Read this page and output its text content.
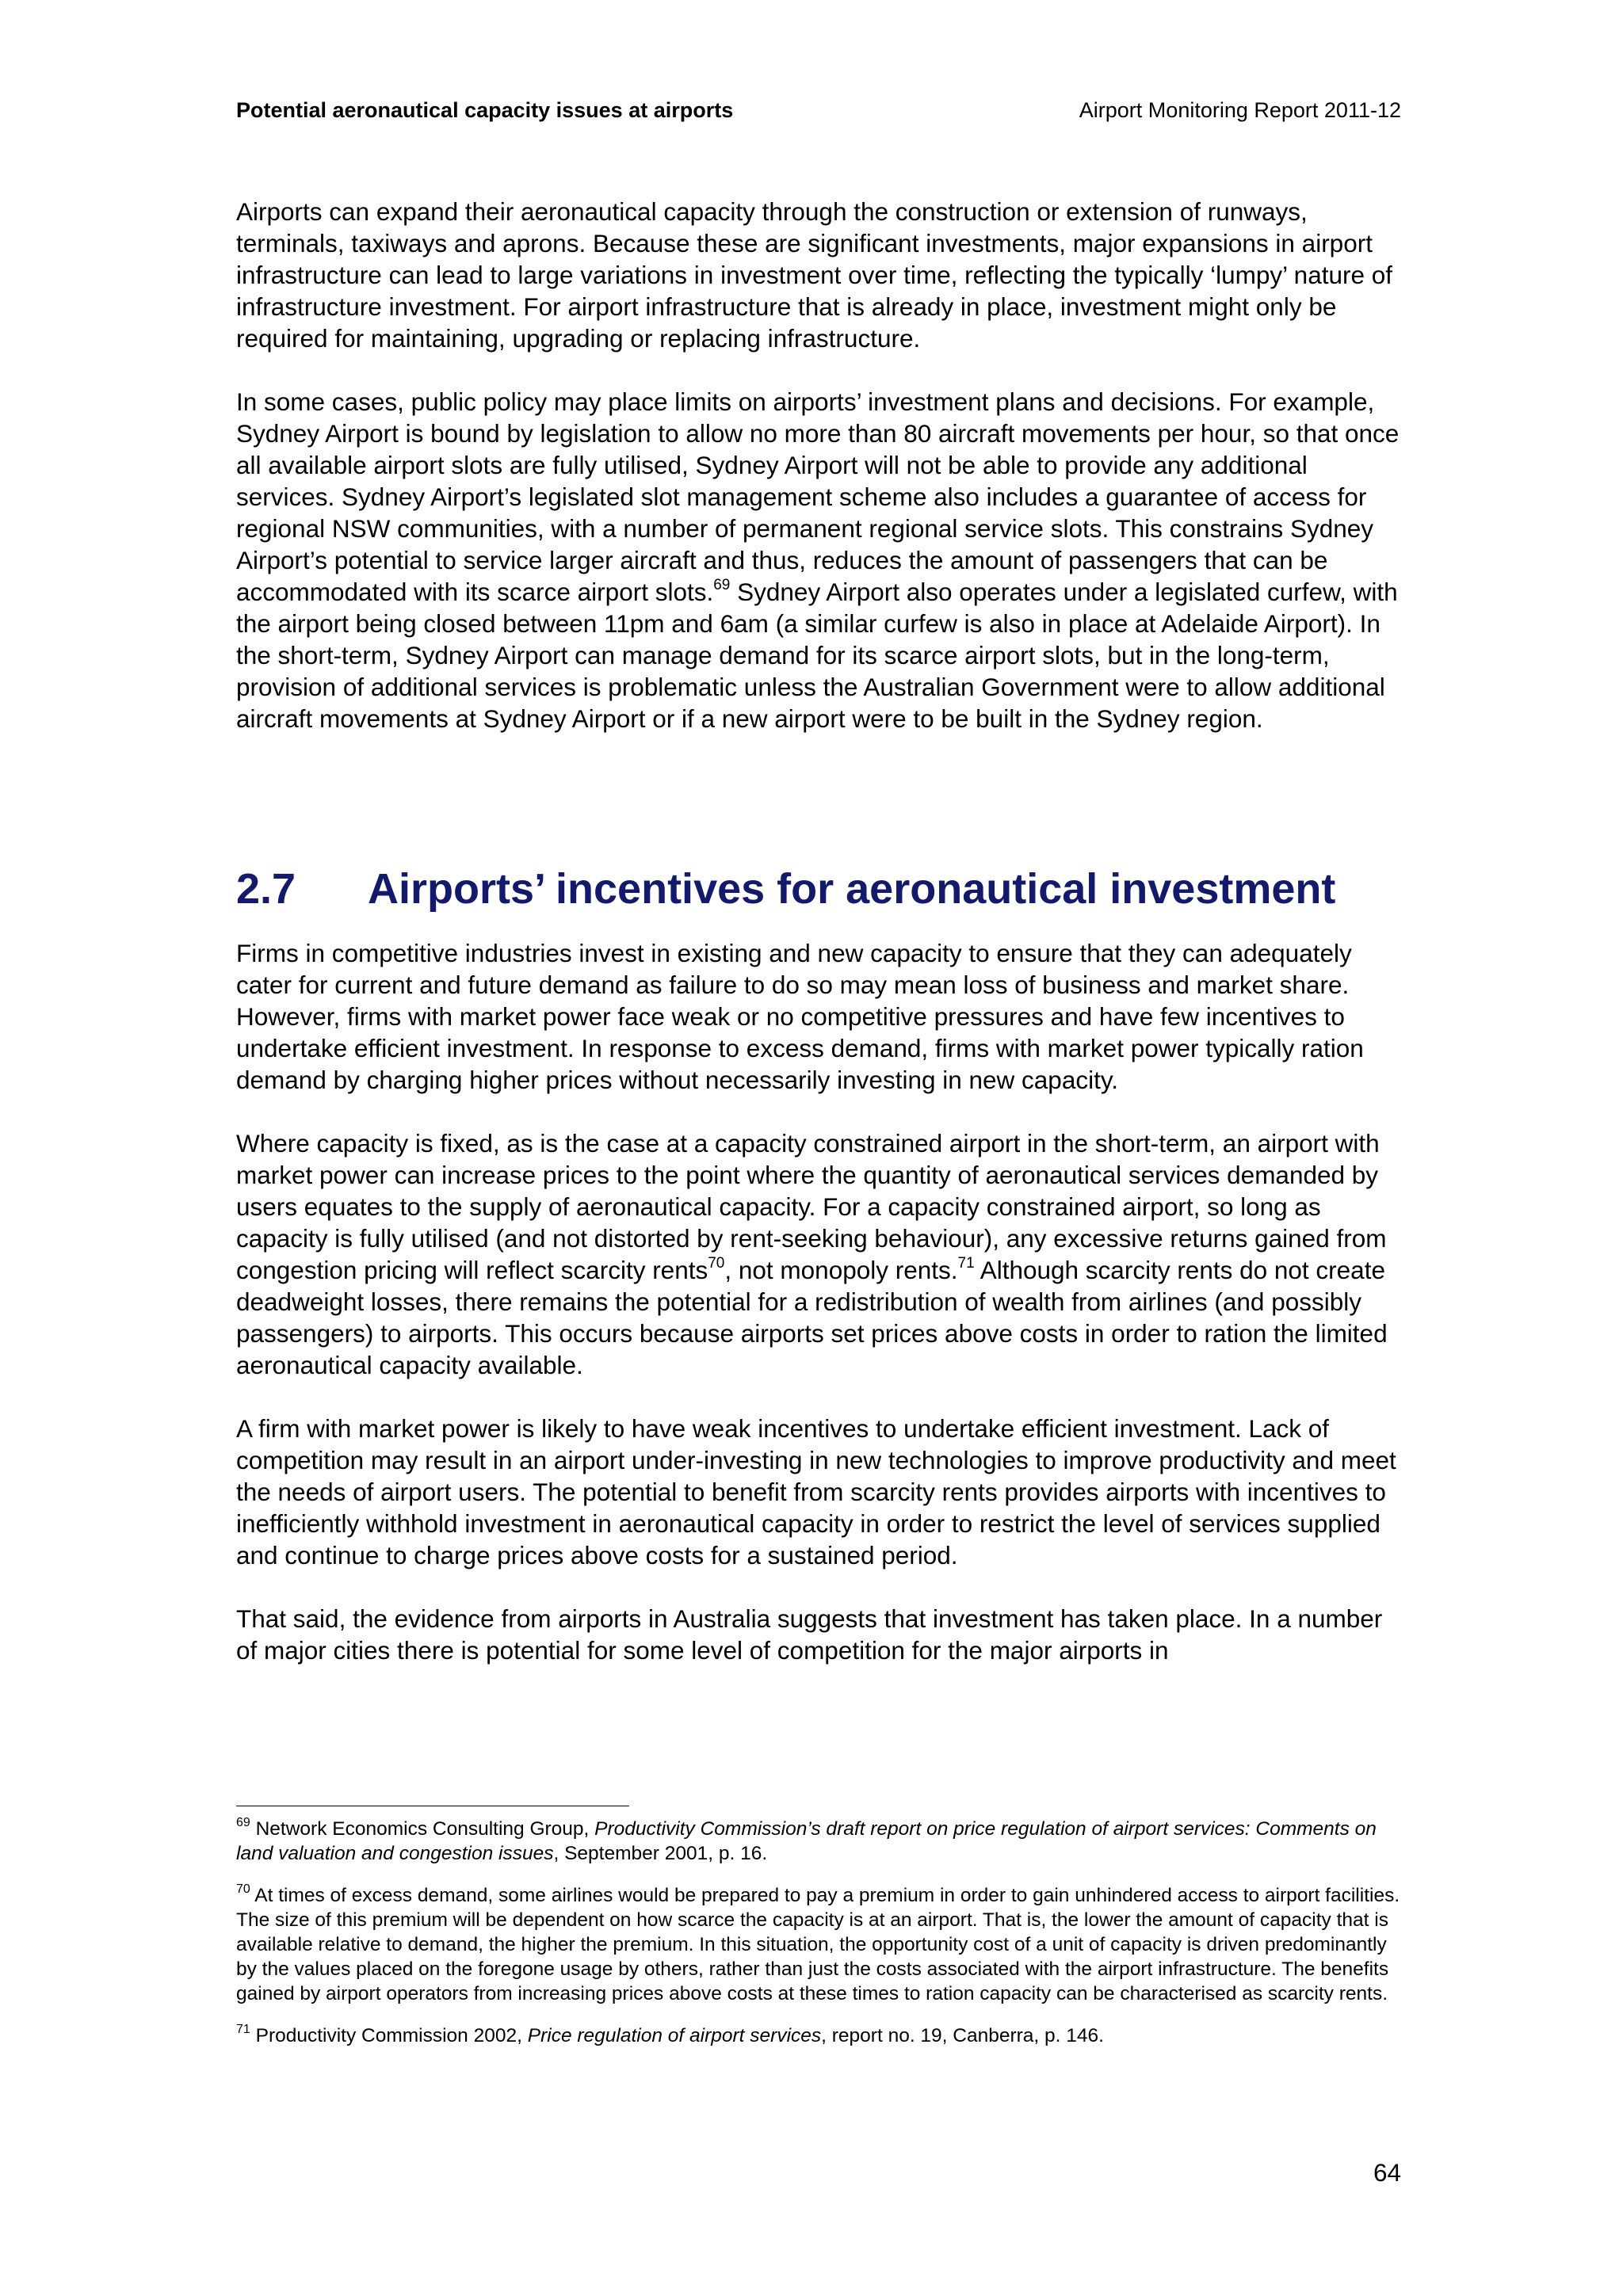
Potential aeronautical capacity issues at airports	Airport Monitoring Report 2011-12

Airports can expand their aeronautical capacity through the construction or extension of runways, terminals, taxiways and aprons. Because these are significant investments, major expansions in airport infrastructure can lead to large variations in investment over time, reflecting the typically ‘lumpy’ nature of infrastructure investment. For airport infrastructure that is already in place, investment might only be required for maintaining, upgrading or replacing infrastructure.

In some cases, public policy may place limits on airports’ investment plans and decisions. For example, Sydney Airport is bound by legislation to allow no more than 80 aircraft movements per hour, so that once all available airport slots are fully utilised, Sydney Airport will not be able to provide any additional services. Sydney Airport’s legislated slot management scheme also includes a guarantee of access for regional NSW communities, with a number of permanent regional service slots. This constrains Sydney Airport’s potential to service larger aircraft and thus, reduces the amount of passengers that can be accommodated with its scarce airport slots.$^{69}$ Sydney Airport also operates under a legislated curfew, with the airport being closed between 11pm and 6am (a similar curfew is also in place at Adelaide Airport). In the short-term, Sydney Airport can manage demand for its scarce airport slots, but in the long-term, provision of additional services is problematic unless the Australian Government were to allow additional aircraft movements at Sydney Airport or if a new airport were to be built in the Sydney region.

2.7 Airports’ incentives for aeronautical investment

Firms in competitive industries invest in existing and new capacity to ensure that they can adequately cater for current and future demand as failure to do so may mean loss of business and market share. However, firms with market power face weak or no competitive pressures and have few incentives to undertake efficient investment. In response to excess demand, firms with market power typically ration demand by charging higher prices without necessarily investing in new capacity.

Where capacity is fixed, as is the case at a capacity constrained airport in the short-term, an airport with market power can increase prices to the point where the quantity of aeronautical services demanded by users equates to the supply of aeronautical capacity. For a capacity constrained airport, so long as capacity is fully utilised (and not distorted by rent-seeking behaviour), any excessive returns gained from congestion pricing will reflect scarcity rents$^{70}$, not monopoly rents.$^{71}$ Although scarcity rents do not create deadweight losses, there remains the potential for a redistribution of wealth from airlines (and possibly passengers) to airports. This occurs because airports set prices above costs in order to ration the limited aeronautical capacity available.

A firm with market power is likely to have weak incentives to undertake efficient investment. Lack of competition may result in an airport under-investing in new technologies to improve productivity and meet the needs of airport users. The potential to benefit from scarcity rents provides airports with incentives to inefficiently withhold investment in aeronautical capacity in order to restrict the level of services supplied and continue to charge prices above costs for a sustained period.

That said, the evidence from airports in Australia suggests that investment has taken place. In a number of major cities there is potential for some level of competition for the major airports in

$^{69}$ Network Economics Consulting Group, Productivity Commission’s draft report on price regulation of airport services: Comments on land valuation and congestion issues, September 2001, p. 16.

$^{70}$ At times of excess demand, some airlines would be prepared to pay a premium in order to gain unhindered access to airport facilities. The size of this premium will be dependent on how scarce the capacity is at an airport. That is, the lower the amount of capacity that is available relative to demand, the higher the premium. In this situation, the opportunity cost of a unit of capacity is driven predominantly by the values placed on the foregone usage by others, rather than just the costs associated with the airport infrastructure. The benefits gained by airport operators from increasing prices above costs at these times to ration capacity can be characterised as scarcity rents.

$^{71}$ Productivity Commission 2002, Price regulation of airport services, report no. 19, Canberra, p. 146.

64
